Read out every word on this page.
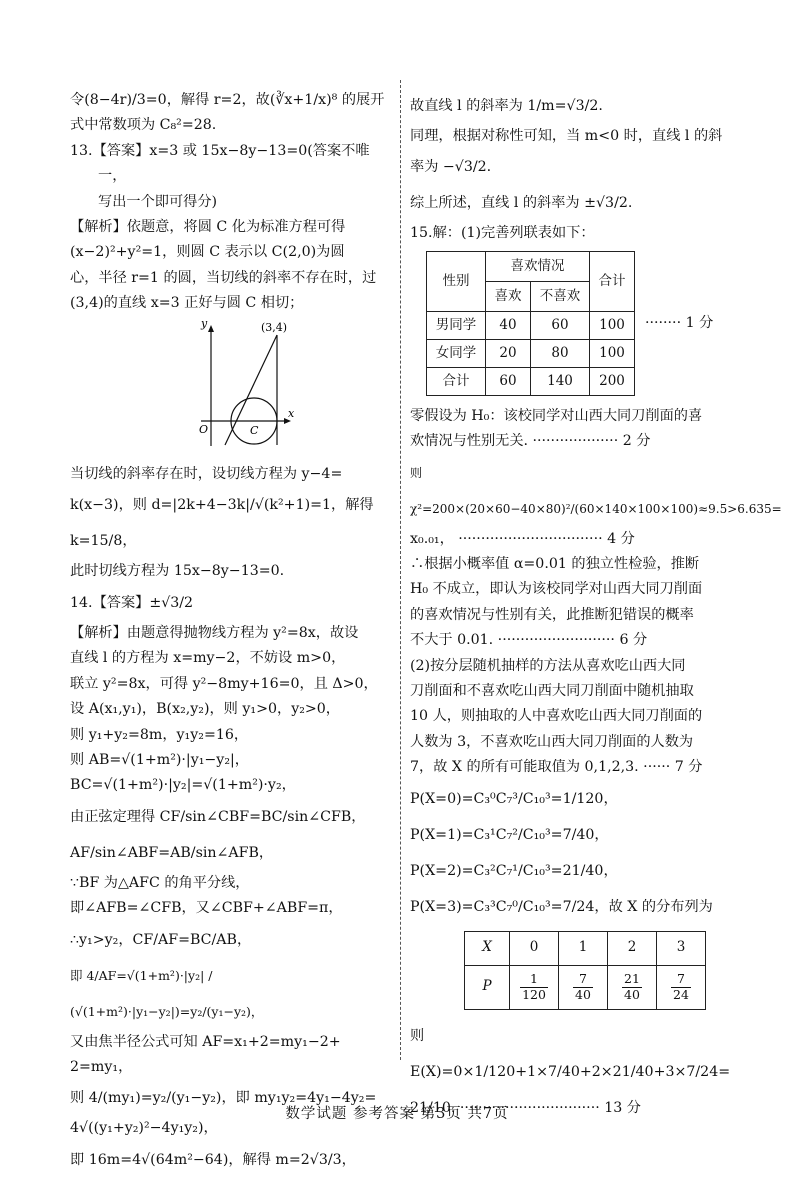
令(8−4r)/3=0，解得 r=2，故(∛x+1/x)⁸ 的展开

式中常数项为 C₈²=28.

13.【答案】x=3 或 15x−8y−13=0(答案不唯一，

写出一个即可得分)

【解析】依题意，将圆 C 化为标准方程可得

(x−2)²+y²=1，则圆 C 表示以 C(2,0)为圆

心，半径 r=1 的圆，当切线的斜率不存在时，过

(3,4)的直线 x=3 正好与圆 C 相切；

y
x
O	C
(3,4)

当切线的斜率存在时，设切线方程为 y−4=

k(x−3)，则 d=|2k+4−3k|/√(k²+1)=1，解得 k=15/8，

此时切线方程为 15x−8y−13=0.

14.【答案】±√3/2

【解析】由题意得抛物线方程为 y²=8x，故设

直线 l 的方程为 x=my−2，不妨设 m>0，

联立 y²=8x，可得 y²−8my+16=0，且 Δ>0，

设 A(x₁,y₁)，B(x₂,y₂)，则 y₁>0，y₂>0，

则 y₁+y₂=8m，y₁y₂=16，

则 AB=√(1+m²)·|y₁−y₂|，

BC=√(1+m²)·|y₂|=√(1+m²)·y₂，

由正弦定理得 CF/sin∠CBF=BC/sin∠CFB，

AF/sin∠ABF=AB/sin∠AFB，

∵BF 为△AFC 的角平分线，

即∠AFB=∠CFB，又∠CBF+∠ABF=π，

∴y₁>y₂，CF/AF=BC/AB，

即 4/AF=√(1+m²)·|y₂| / (√(1+m²)·|y₁−y₂|)=y₂/(y₁−y₂)，

又由焦半径公式可知 AF=x₁+2=my₁−2+

2=my₁，

则 4/(my₁)=y₂/(y₁−y₂)，即 my₁y₂=4y₁−4y₂=

4√((y₁+y₂)²−4y₁y₂)，

即 16m=4√(64m²−64)，解得 m=2√3/3，

故直线 l 的斜率为 1/m=√3/2.

同理，根据对称性可知，当 m<0 时，直线 l 的斜

率为 −√3/2.

综上所述，直线 l 的斜率为 ±√3/2.

15.解：(1)完善列联表如下：

性别	喜欢情况		合计
	喜欢	不喜欢	
男同学	40	60	100
女同学	20	80	100
合计	60	140	200
········ 1 分

零假设为 H₀：该校同学对山西大同刀削面的喜

欢情况与性别无关. ··················· 2 分

则 χ²=200×(20×60−40×80)²/(60×140×100×100)≈9.5>6.635=

x₀.₀₁， ································ 4 分

∴根据小概率值 α=0.01 的独立性检验，推断

H₀ 不成立，即认为该校同学对山西大同刀削面

的喜欢情况与性别有关，此推断犯错误的概率

不大于 0.01. ·························· 6 分

(2)按分层随机抽样的方法从喜欢吃山西大同

刀削面和不喜欢吃山西大同刀削面中随机抽取

10 人，则抽取的人中喜欢吃山西大同刀削面的

人数为 3，不喜欢吃山西大同刀削面的人数为

7，故 X 的所有可能取值为 0,1,2,3. ······ 7 分

P(X=0)=C₃⁰C₇³/C₁₀³=1/120，

P(X=1)=C₃¹C₇²/C₁₀³=7/40，

P(X=2)=C₃²C₇¹/C₁₀³=21/40，

P(X=3)=C₃³C₇⁰/C₁₀³=7/24，故 X 的分布列为

X	0	1	2	3
P	$\frac{1}{120}$	$\frac{7}{40}$	$\frac{21}{40}$	$\frac{7}{24}$

则 E(X)=0×1/120+1×7/40+2×21/40+3×7/24=

21/10. ······························· 13 分

数学试题 参考答案 第3页 共7页
